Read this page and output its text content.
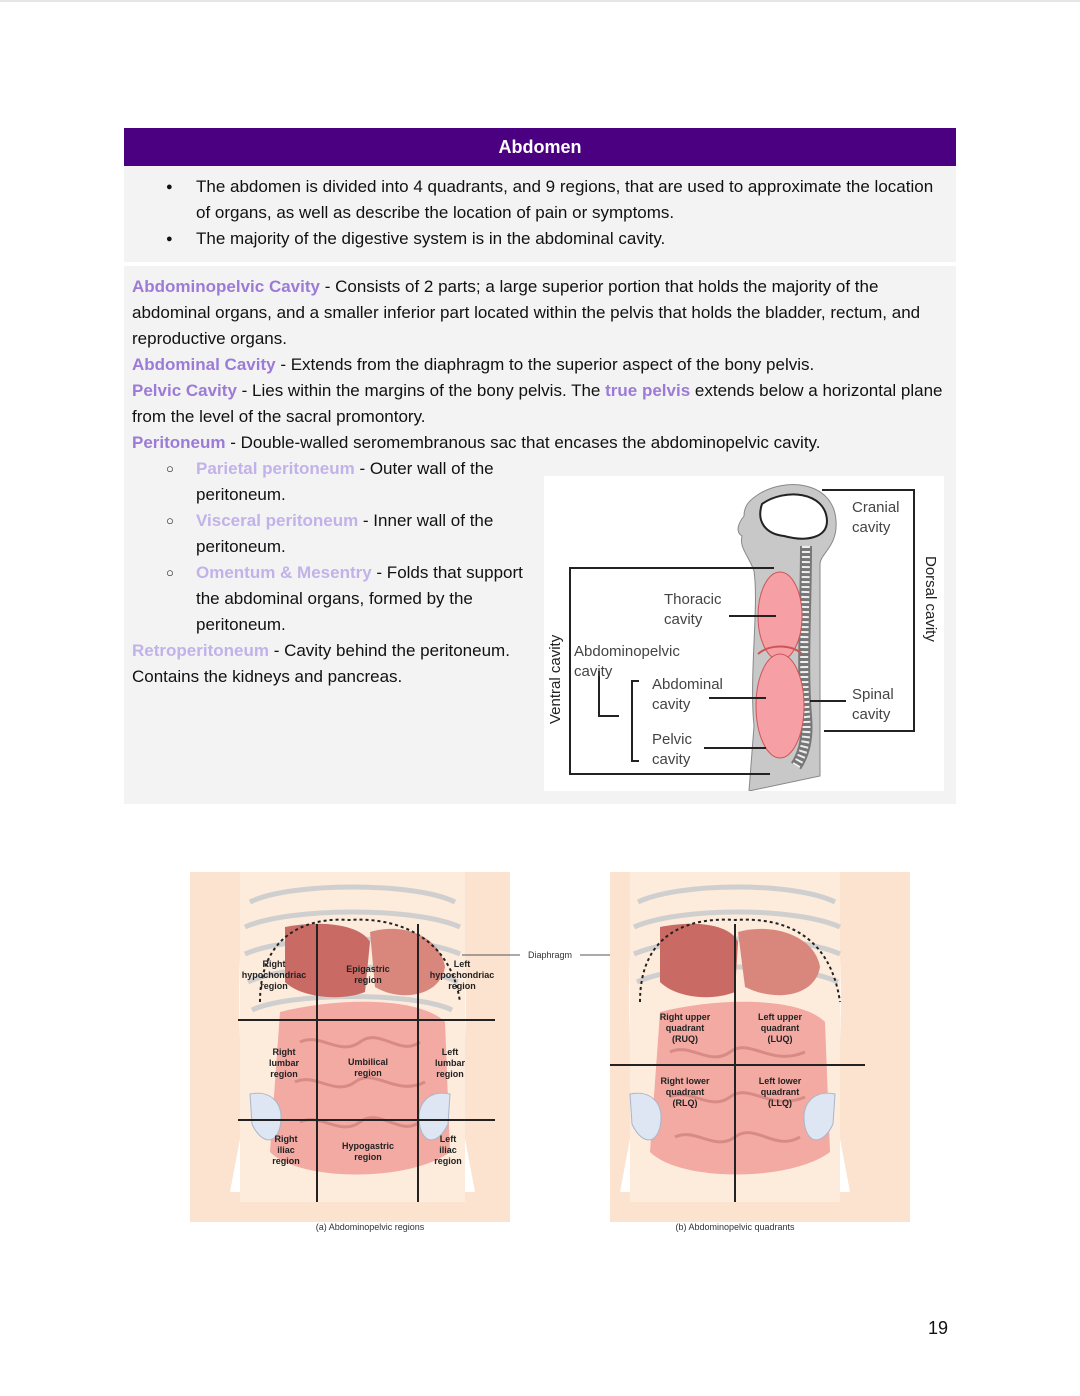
Abdomen
● The abdomen is divided into 4 quadrants, and 9 regions, that are used to approximate the location of organs, as well as describe the location of pain or symptoms.
● The majority of the digestive system is in the abdominal cavity.
Abdominopelvic Cavity - Consists of 2 parts; a large superior portion that holds the majority of the abdominal organs, and a smaller inferior part located within the pelvis that holds the bladder, rectum, and reproductive organs.
Abdominal Cavity - Extends from the diaphragm to the superior aspect of the bony pelvis.
Pelvic Cavity - Lies within the margins of the bony pelvis. The true pelvis extends below a horizontal plane from the level of the sacral promontory.
Peritoneum - Double-walled seromembranous sac that encases the abdominopelvic cavity.
○ Parietal peritoneum - Outer wall of the peritoneum.
○ Visceral peritoneum - Inner wall of the peritoneum.
○ Omentum & Mesentry - Folds that support the abdominal organs, formed by the peritoneum.
Retroperitoneum - Cavity behind the peritoneum. Contains the kidneys and pancreas.
Cranial
cavity
Dorsal cavity
Thoracic
cavity
Ventral cavity Abdominopelvic
cavity
Abdominal
cavity
Pelvic
cavity
Spinal
cavity
Right
hypochondriac
region
Epigastric
region
Left
hypochondriac
region
Right
lumbar
region
Umbilical
region
Left
lumbar
region
Right
iliac
region
Hypogastric
region
Left
iliac
region
(a) Abdominopelvic regions
Diaphragm
Right upper
quadrant
(RUQ)
Left upper
quadrant
(LUQ)
Right lower
quadrant
(RLQ)
Left lower
quadrant
(LLQ)
(b) Abdominopelvic quadrants
19
